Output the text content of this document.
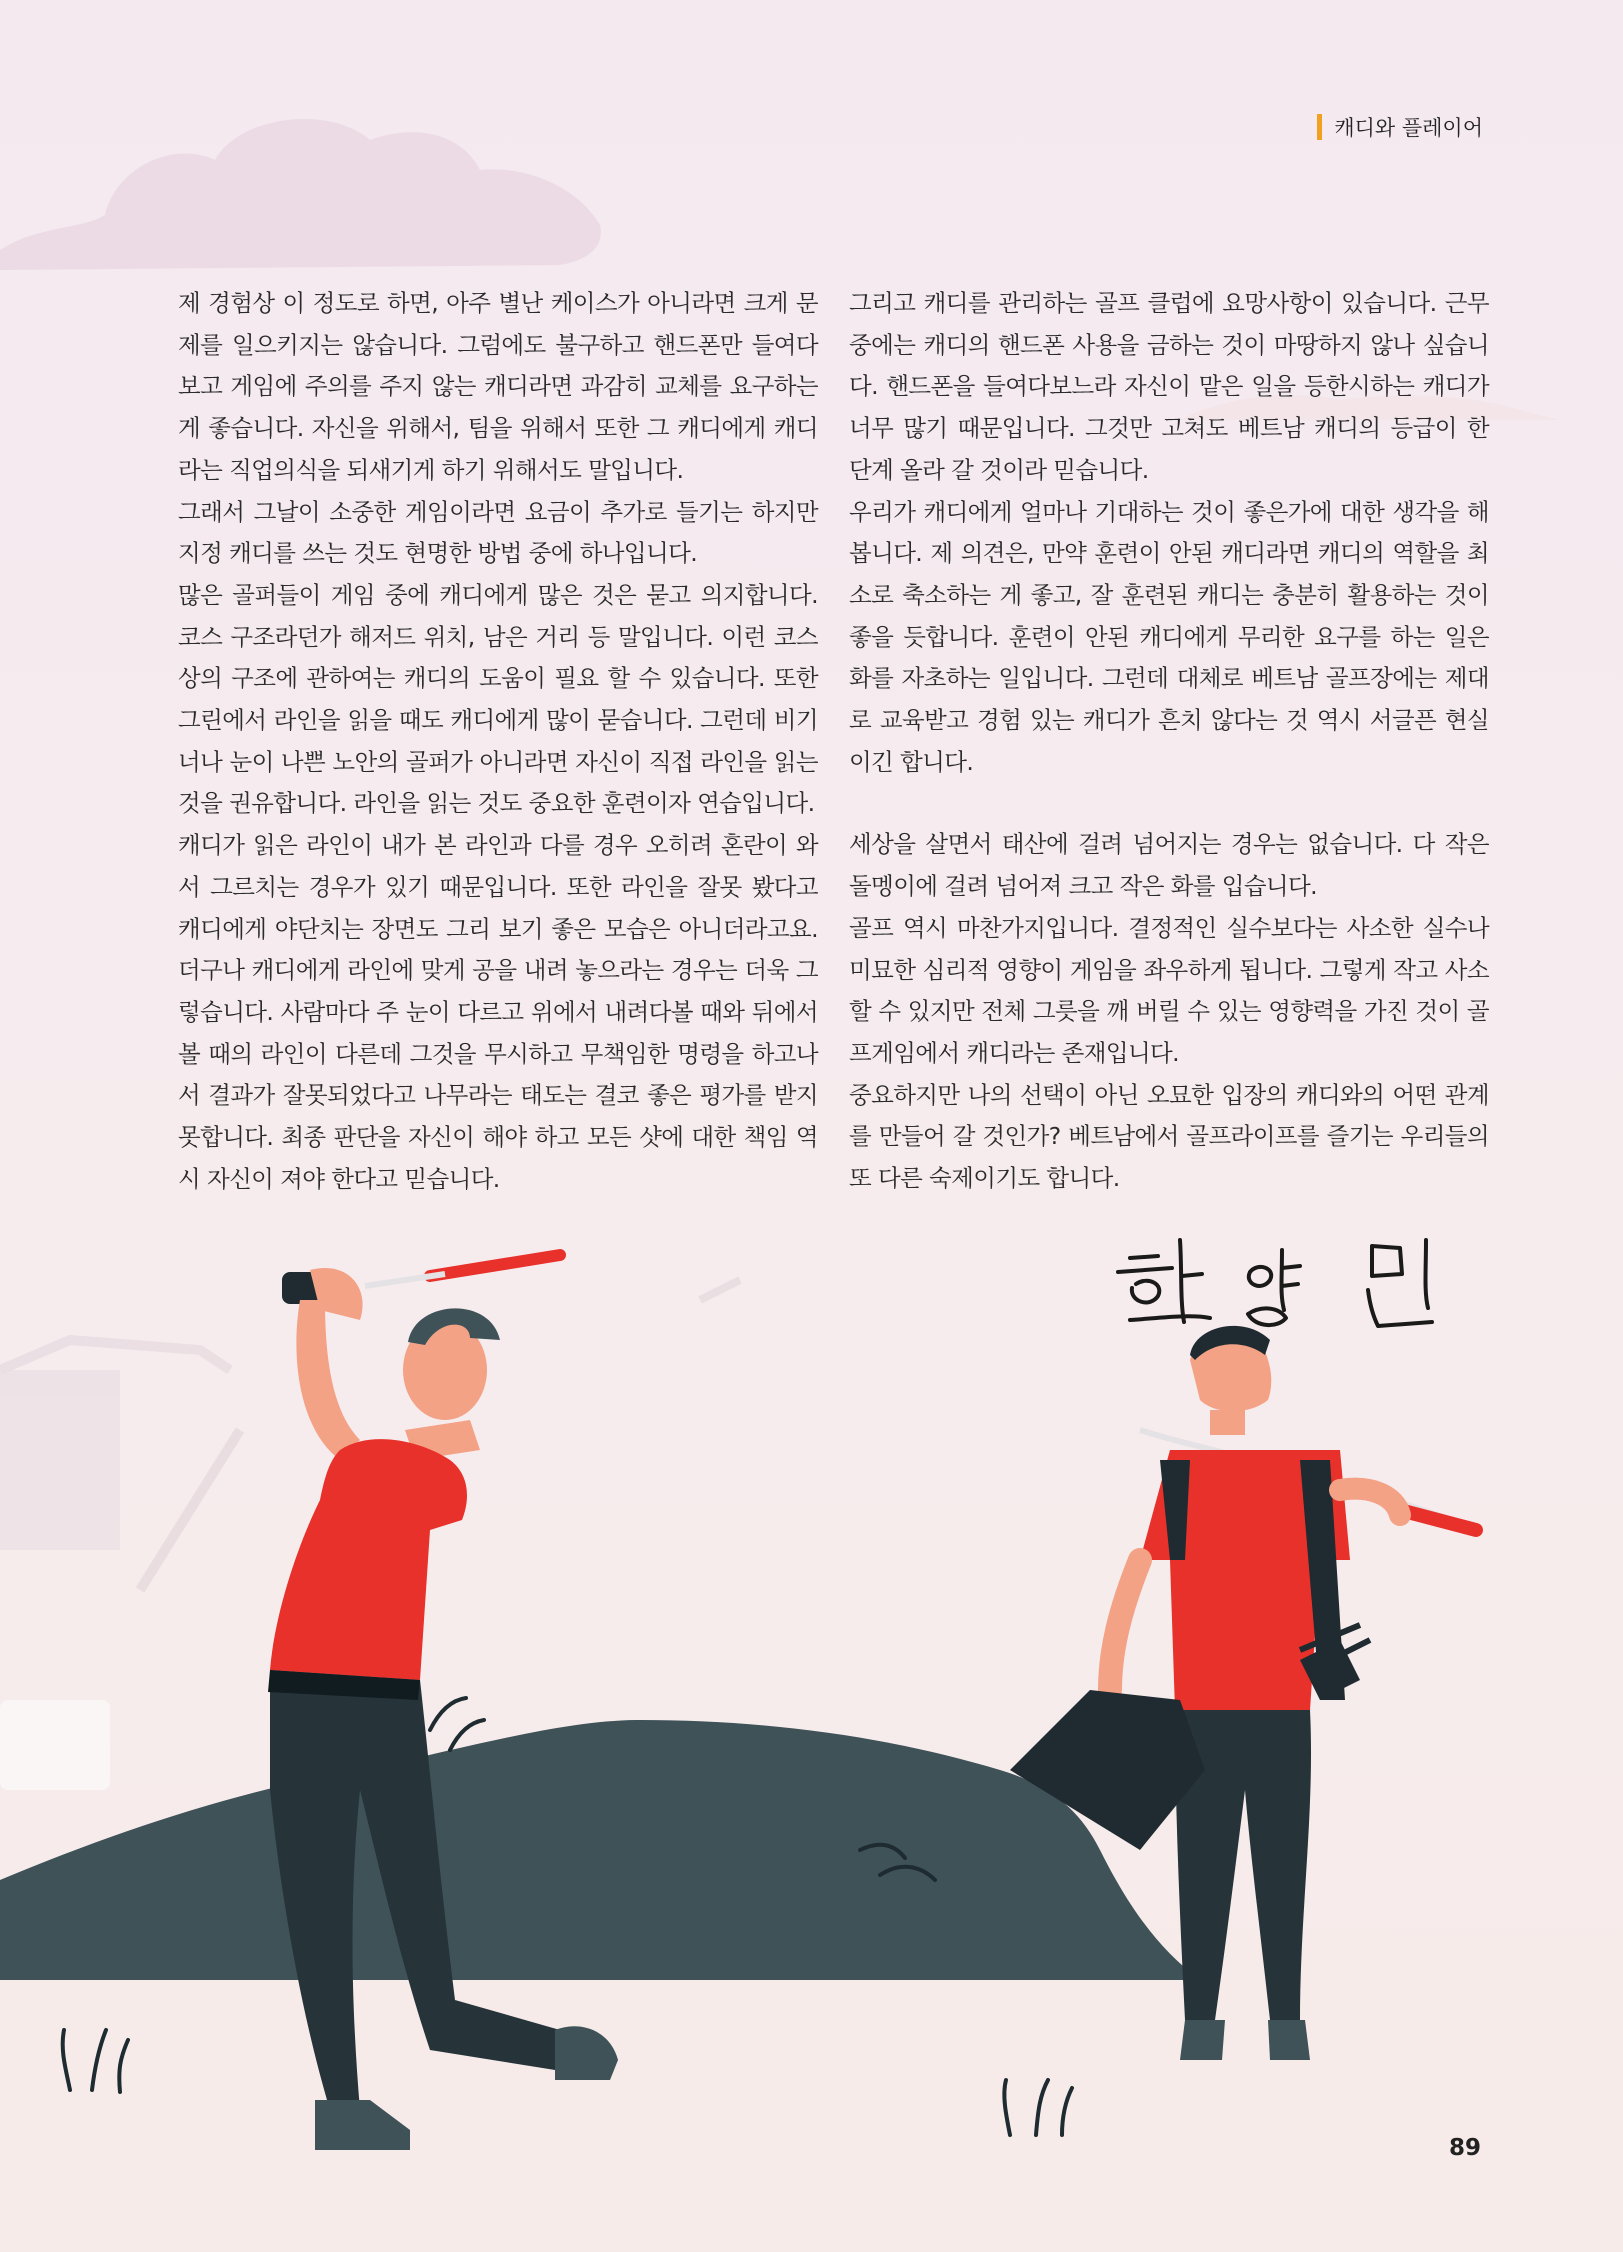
캐디와 플레이어

제 경험상 이 정도로 하면, 아주 별난 케이스가 아니라면 크게 문제를 일으키지는 않습니다. 그럼에도 불구하고 핸드폰만 들여다보고 게임에 주의를 주지 않는 캐디라면 과감히 교체를 요구하는 게 좋습니다. 자신을 위해서, 팀을 위해서 또한 그 캐디에게 캐디라는 직업의식을 되새기게 하기 위해서도 말입니다.

그래서 그날이 소중한 게임이라면 요금이 추가로 들기는 하지만 지정 캐디를 쓰는 것도 현명한 방법 중에 하나입니다.

많은 골퍼들이 게임 중에 캐디에게 많은 것은 묻고 의지합니다. 코스 구조라던가 해저드 위치, 남은 거리 등 말입니다. 이런 코스상의 구조에 관하여는 캐디의 도움이 필요 할 수 있습니다. 또한 그린에서 라인을 읽을 때도 캐디에게 많이 묻습니다. 그런데 비기너나 눈이 나쁜 노안의 골퍼가 아니라면 자신이 직접 라인을 읽는 것을 권유합니다. 라인을 읽는 것도 중요한 훈련이자 연습입니다.

캐디가 읽은 라인이 내가 본 라인과 다를 경우 오히려 혼란이 와서 그르치는 경우가 있기 때문입니다. 또한 라인을 잘못 봤다고 캐디에게 야단치는 장면도 그리 보기 좋은 모습은 아니더라고요. 더구나 캐디에게 라인에 맞게 공을 내려 놓으라는 경우는 더욱 그렇습니다. 사람마다 주 눈이 다르고 위에서 내려다볼 때와 뒤에서 볼 때의 라인이 다른데 그것을 무시하고 무책임한 명령을 하고나서 결과가 잘못되었다고 나무라는 태도는 결코 좋은 평가를 받지 못합니다. 최종 판단을 자신이 해야 하고 모든 샷에 대한 책임 역시 자신이 져야 한다고 믿습니다.

그리고 캐디를 관리하는 골프 클럽에 요망사항이 있습니다. 근무 중에는 캐디의 핸드폰 사용을 금하는 것이 마땅하지 않나 싶습니다. 핸드폰을 들여다보느라 자신이 맡은 일을 등한시하는 캐디가 너무 많기 때문입니다. 그것만 고쳐도 베트남 캐디의 등급이 한 단계 올라 갈 것이라 믿습니다.

우리가 캐디에게 얼마나 기대하는 것이 좋은가에 대한 생각을 해봅니다. 제 의견은, 만약 훈련이 안된 캐디라면 캐디의 역할을 최소로 축소하는 게 좋고, 잘 훈련된 캐디는 충분히 활용하는 것이 좋을 듯합니다. 훈련이 안된 캐디에게 무리한 요구를 하는 일은 화를 자초하는 일입니다. 그런데 대체로 베트남 골프장에는 제대로 교육받고 경험 있는 캐디가 흔치 않다는 것 역시 서글픈 현실이긴 합니다.

세상을 살면서 태산에 걸려 넘어지는 경우는 없습니다. 다 작은 돌멩이에 걸려 넘어져 크고 작은 화를 입습니다.

골프 역시 마찬가지입니다. 결정적인 실수보다는 사소한 실수나 미묘한 심리적 영향이 게임을 좌우하게 됩니다. 그렇게 작고 사소할 수 있지만 전체 그릇을 깨 버릴 수 있는 영향력을 가진 것이 골프게임에서 캐디라는 존재입니다.

중요하지만 나의 선택이 아닌 오묘한 입장의 캐디와의 어떤 관계를 만들어 갈 것인가? 베트남에서 골프라이프를 즐기는 우리들의 또 다른 숙제이기도 합니다.

89
